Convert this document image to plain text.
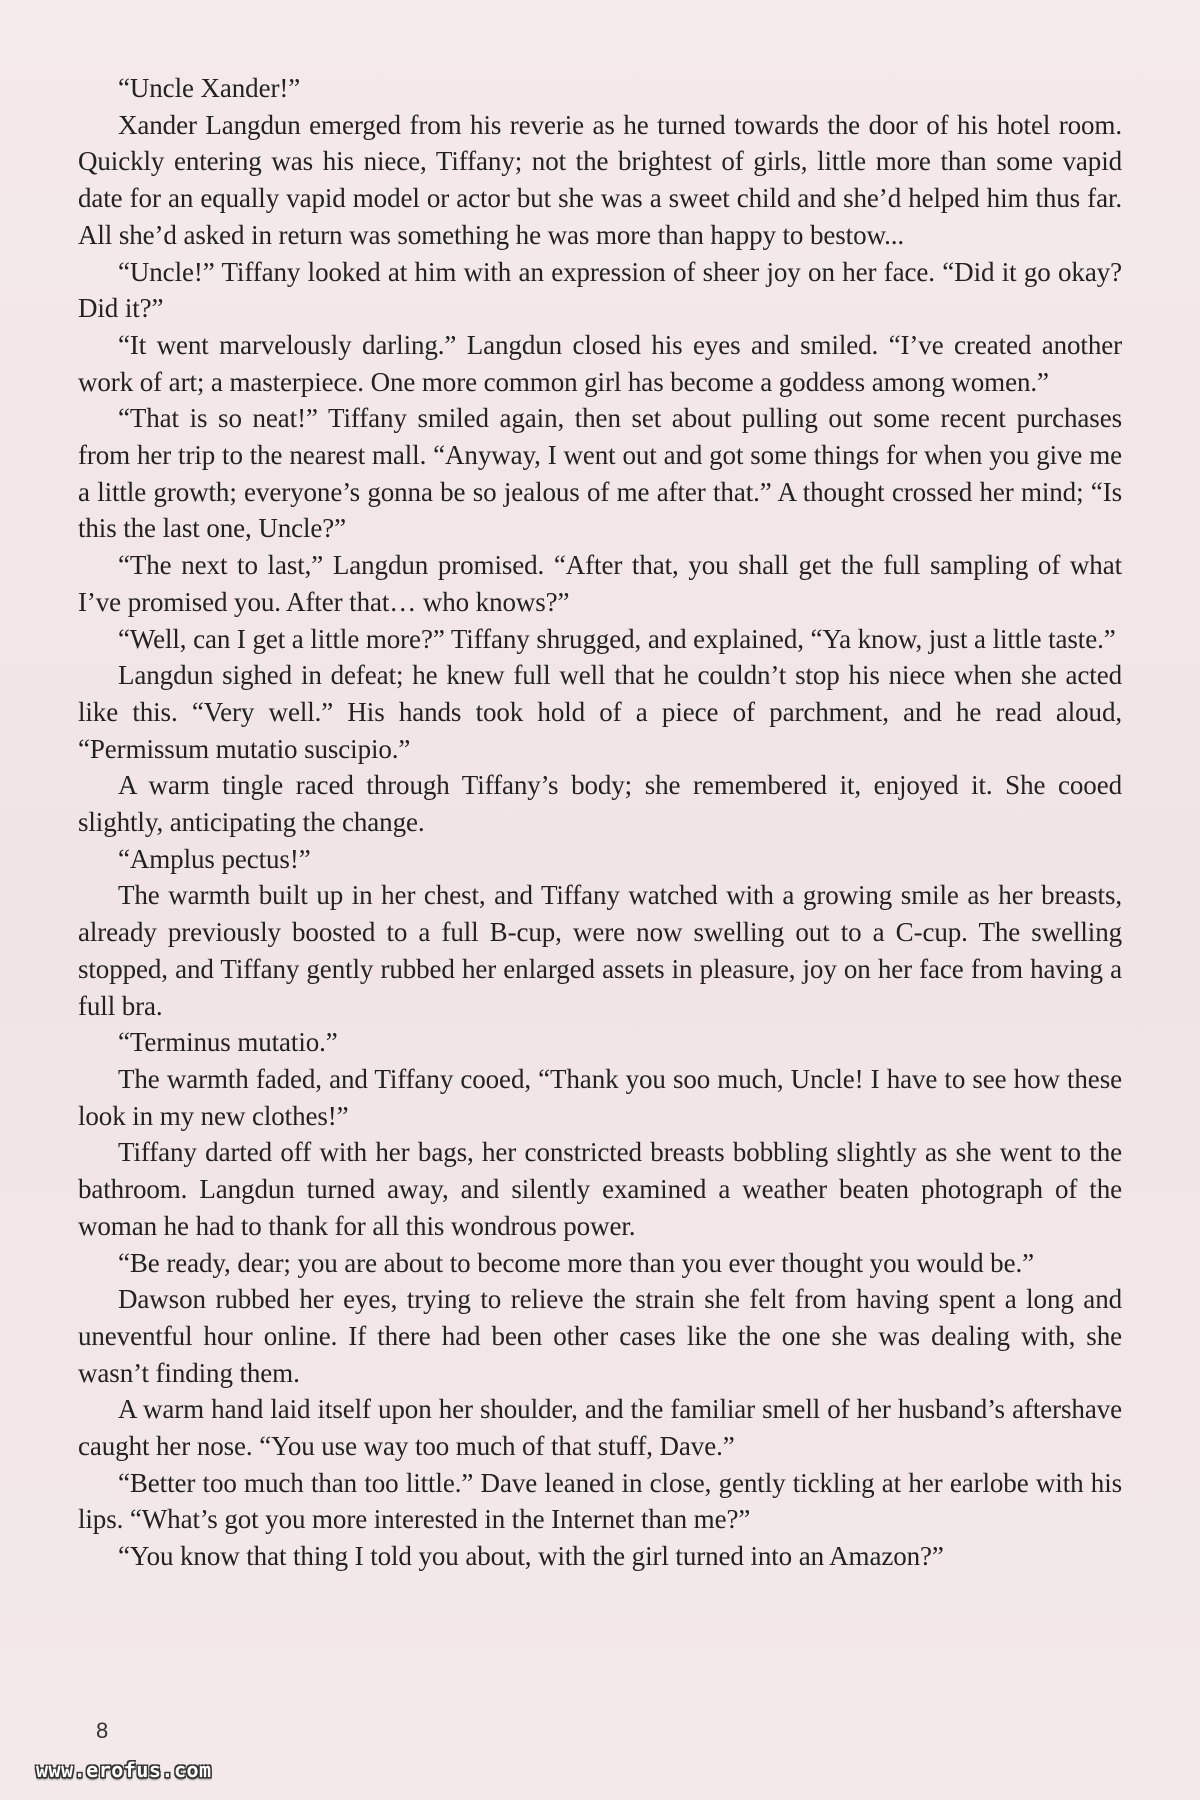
“Uncle Xander!”

Xander Langdun emerged from his reverie as he turned towards the door of his hotel room. Quickly entering was his niece, Tiffany; not the brightest of girls, little more than some vapid date for an equally vapid model or actor but she was a sweet child and she’d helped him thus far. All she’d asked in return was something he was more than happy to bestow...

“Uncle!” Tiffany looked at him with an expression of sheer joy on her face. “Did it go okay? Did it?”

“It went marvelously darling.” Langdun closed his eyes and smiled. “I’ve created another work of art; a masterpiece. One more common girl has become a goddess among women.”

“That is so neat!” Tiffany smiled again, then set about pulling out some recent purchases from her trip to the nearest mall. “Anyway, I went out and got some things for when you give me a little growth; everyone’s gonna be so jealous of me after that.” A thought crossed her mind; “Is this the last one, Uncle?”

“The next to last,” Langdun promised. “After that, you shall get the full sampling of what I’ve promised you. After that… who knows?”

“Well, can I get a little more?” Tiffany shrugged, and explained, “Ya know, just a little taste.”

Langdun sighed in defeat; he knew full well that he couldn’t stop his niece when she acted like this. “Very well.” His hands took hold of a piece of parchment, and he read aloud, “Permissum mutatio suscipio.”

A warm tingle raced through Tiffany’s body; she remembered it, enjoyed it. She cooed slightly, anticipating the change.

“Amplus pectus!”

The warmth built up in her chest, and Tiffany watched with a growing smile as her breasts, already previously boosted to a full B-cup, were now swelling out to a C-cup. The swelling stopped, and Tiffany gently rubbed her enlarged assets in pleasure, joy on her face from having a full bra.

“Terminus mutatio.”

The warmth faded, and Tiffany cooed, “Thank you soo much, Uncle! I have to see how these look in my new clothes!”

Tiffany darted off with her bags, her constricted breasts bobbling slightly as she went to the bathroom. Langdun turned away, and silently examined a weather beaten photograph of the woman he had to thank for all this wondrous power.

“Be ready, dear; you are about to become more than you ever thought you would be.”

Dawson rubbed her eyes, trying to relieve the strain she felt from having spent a long and uneventful hour online. If there had been other cases like the one she was dealing with, she wasn’t finding them.

A warm hand laid itself upon her shoulder, and the familiar smell of her husband’s aftershave caught her nose. “You use way too much of that stuff, Dave.”

“Better too much than too little.” Dave leaned in close, gently tickling at her earlobe with his lips. “What’s got you more interested in the Internet than me?”

“You know that thing I told you about, with the girl turned into an Amazon?”

8
www.erofus.com
